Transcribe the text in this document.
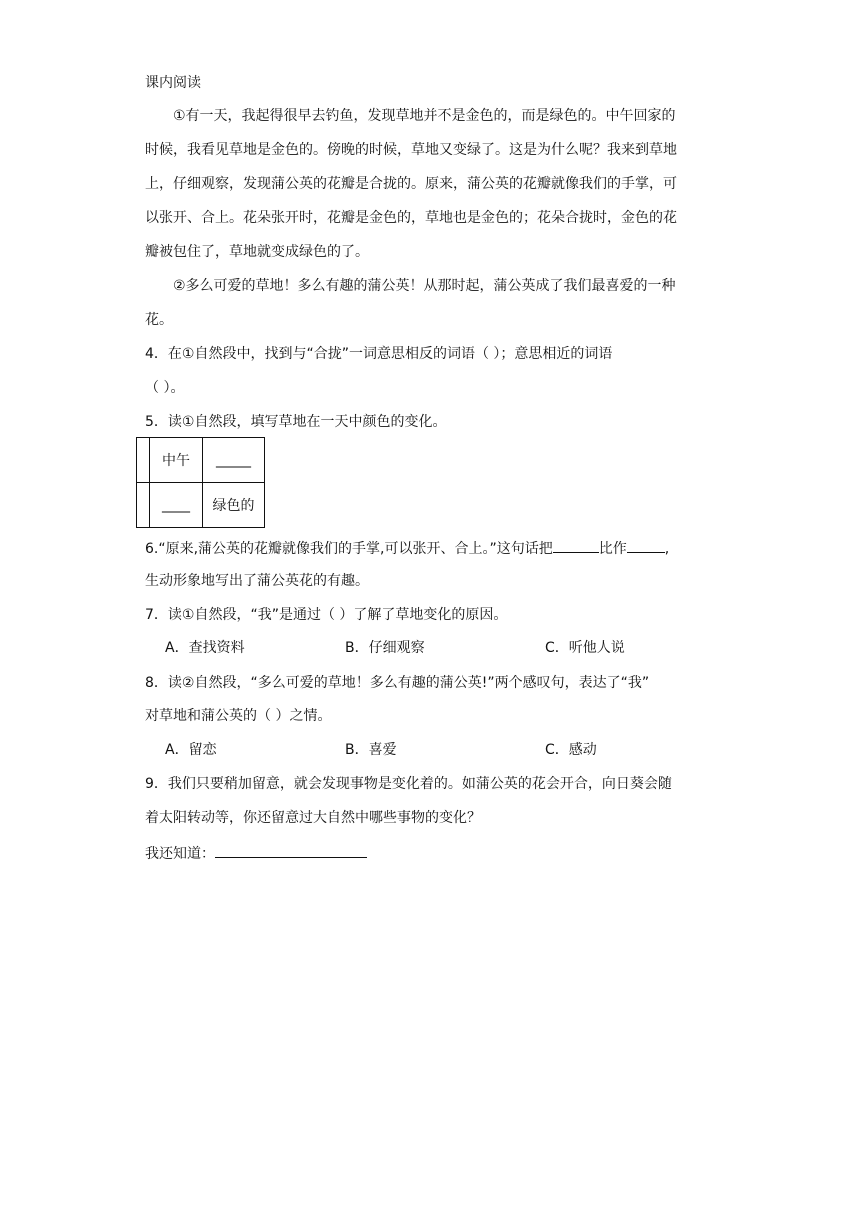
课内阅读
①有一天，我起得很早去钓鱼，发现草地并不是金色的，而是绿色的。中午回家的
时候，我看见草地是金色的。傍晚的时候，草地又变绿了。这是为什么呢？我来到草地
上，仔细观察，发现蒲公英的花瓣是合拢的。原来，蒲公英的花瓣就像我们的手掌，可
以张开、合上。花朵张开时，花瓣是金色的，草地也是金色的；花朵合拢时，金色的花
瓣被包住了，草地就变成绿色的了。
②多么可爱的草地！多么有趣的蒲公英！从那时起，蒲公英成了我们最喜爱的一种
花。
4．在①自然段中，找到与“合拢”一词意思相反的词语（ ）；意思相近的词语
（ ）。
5．读①自然段，填写草地在一天中颜色的变化。
	中午	_____
	____	绿色的
6.“原来,蒲公英的花瓣就像我们的手掌,可以张开、合上。”这句话把	比作	,
生动形象地写出了蒲公英花的有趣。
7．读①自然段，“我”是通过（ ）了解了草地变化的原因。
8．读②自然段，“多么可爱的草地！多么有趣的蒲公英!”两个感叹句，表达了“我”
对草地和蒲公英的（ ）之情。
9．我们只要稍加留意，就会发现事物是变化着的。如蒲公英的花会开合，向日葵会随
着太阳转动等，你还留意过大自然中哪些事物的变化？
我还知道：
A．查找资料	B．仔细观察	C．听他人说
A．留恋	B．喜爱	C．感动
